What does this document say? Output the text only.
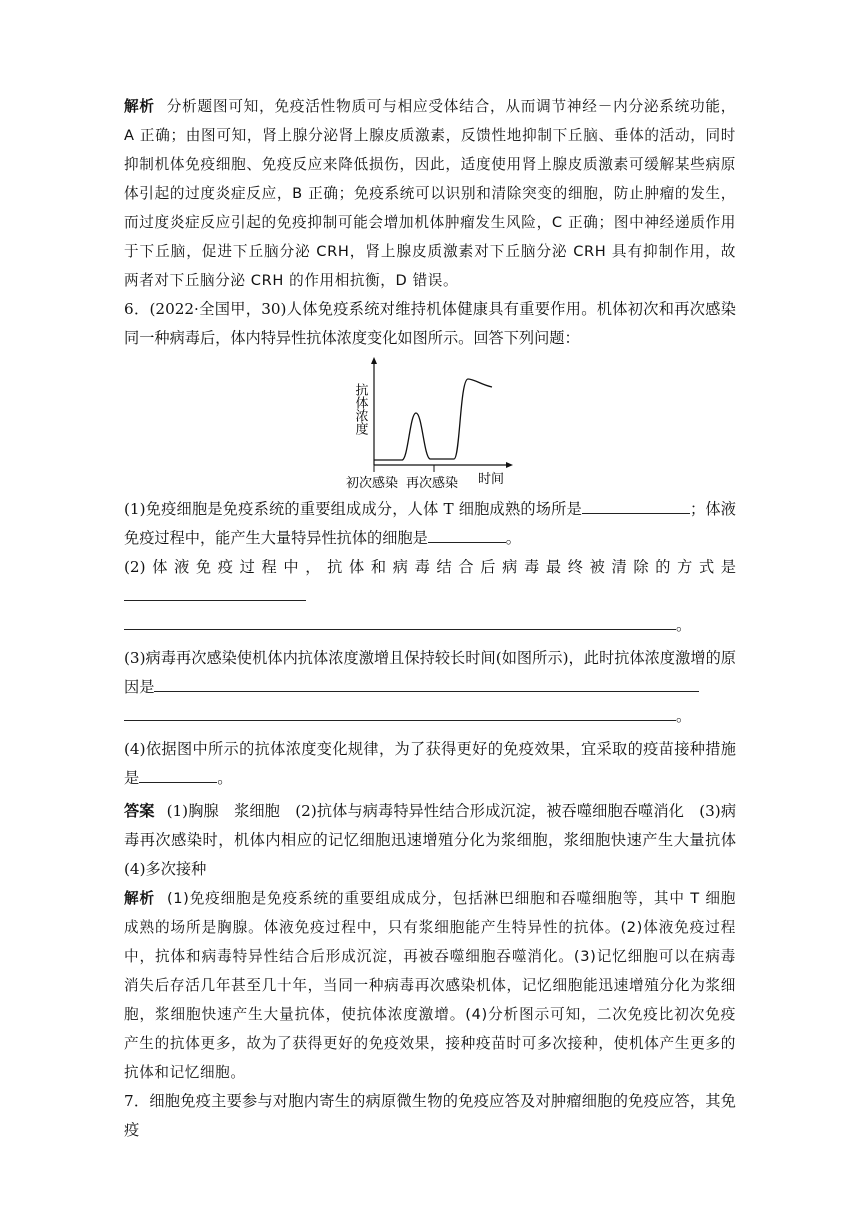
解析 分析题图可知，免疫活性物质可与相应受体结合，从而调节神经－内分泌系统功能，A 正确；由图可知，肾上腺分泌肾上腺皮质激素，反馈性地抑制下丘脑、垂体的活动，同时抑制机体免疫细胞、免疫反应来降低损伤，因此，适度使用肾上腺皮质激素可缓解某些病原体引起的过度炎症反应，B 正确；免疫系统可以识别和清除突变的细胞，防止肿瘤的发生，而过度炎症反应引起的免疫抑制可能会增加机体肿瘤发生风险，C 正确；图中神经递质作用于下丘脑，促进下丘脑分泌 CRH，肾上腺皮质激素对下丘脑分泌 CRH 具有抑制作用，故两者对下丘脑分泌 CRH 的作用相抗衡，D 错误。

6．(2022·全国甲，30)人体免疫系统对维持机体健康具有重要作用。机体初次和再次感染同一种病毒后，体内特异性抗体浓度变化如图所示。回答下列问题：

抗体浓度
初次感染 再次感染 时间

(1)免疫细胞是免疫系统的重要组成成分，人体 T 细胞成熟的场所是	；体液免疫过程中，能产生大量特异性抗体的细胞是	。

(2)体液免疫过程中，抗体和病毒结合后病毒最终被清除的方式是

。

(3)病毒再次感染使机体内抗体浓度激增且保持较长时间(如图所示)，此时抗体浓度激增的原因是

。

(4)依据图中所示的抗体浓度变化规律，为了获得更好的免疫效果，宜采取的疫苗接种措施是	。

答案 (1)胸腺　浆细胞　(2)抗体与病毒特异性结合形成沉淀，被吞噬细胞吞噬消化　(3)病毒再次感染时，机体内相应的记忆细胞迅速增殖分化为浆细胞，浆细胞快速产生大量抗体　(4)多次接种

解析 (1)免疫细胞是免疫系统的重要组成成分，包括淋巴细胞和吞噬细胞等，其中 T 细胞成熟的场所是胸腺。体液免疫过程中，只有浆细胞能产生特异性的抗体。(2)体液免疫过程中，抗体和病毒特异性结合后形成沉淀，再被吞噬细胞吞噬消化。(3)记忆细胞可以在病毒消失后存活几年甚至几十年，当同一种病毒再次感染机体，记忆细胞能迅速增殖分化为浆细胞，浆细胞快速产生大量抗体，使抗体浓度激增。(4)分析图示可知，二次免疫比初次免疫产生的抗体更多，故为了获得更好的免疫效果，接种疫苗时可多次接种，使机体产生更多的抗体和记忆细胞。

7．细胞免疫主要参与对胞内寄生的病原微生物的免疫应答及对肿瘤细胞的免疫应答，其免疫
